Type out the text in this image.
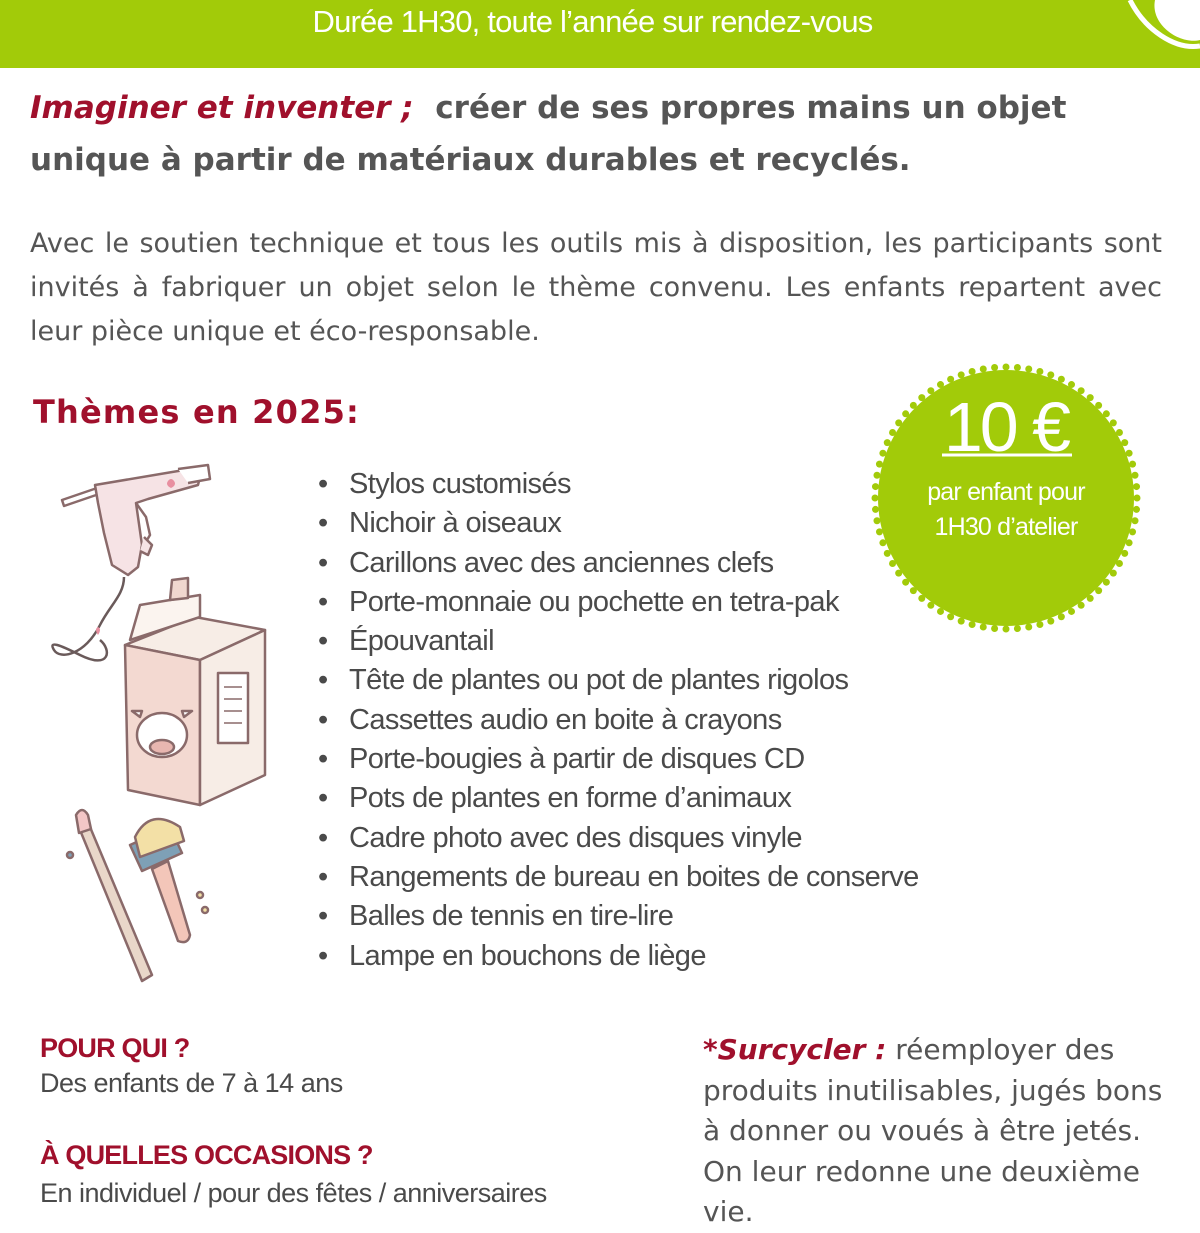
Durée 1H30, toute l’année sur rendez-vous
Imaginer et inventer ; créer de ses propres mains un objet unique à partir de matériaux durables et recyclés.
Avec le soutien technique et tous les outils mis à disposition, les participants sont invités à fabriquer un objet selon le thème convenu. Les enfants repartent avec leur pièce unique et éco-responsable.
Thèmes en 2025:	10 €
par enfant pour
1H30 d’atelier
• Stylos customisés
• Nichoir à oiseaux
• Carillons avec des anciennes clefs
• Porte-monnaie ou pochette en tetra-pak
• Épouvantail
• Tête de plantes ou pot de plantes rigolos
• Cassettes audio en boite à crayons
• Porte-bougies à partir de disques CD
• Pots de plantes en forme d’animaux
• Cadre photo avec des disques vinyle
• Rangements de bureau en boites de conserve
• Balles de tennis en tire-lire
• Lampe en bouchons de liège
POUR QUI ?
Des enfants de 7 à 14 ans
À QUELLES OCCASIONS ?
En individuel / pour des fêtes / anniversaires
*Surcycler : réemployer des produits inutilisables, jugés bons à donner ou voués à être jetés. On leur redonne une deuxième vie.
